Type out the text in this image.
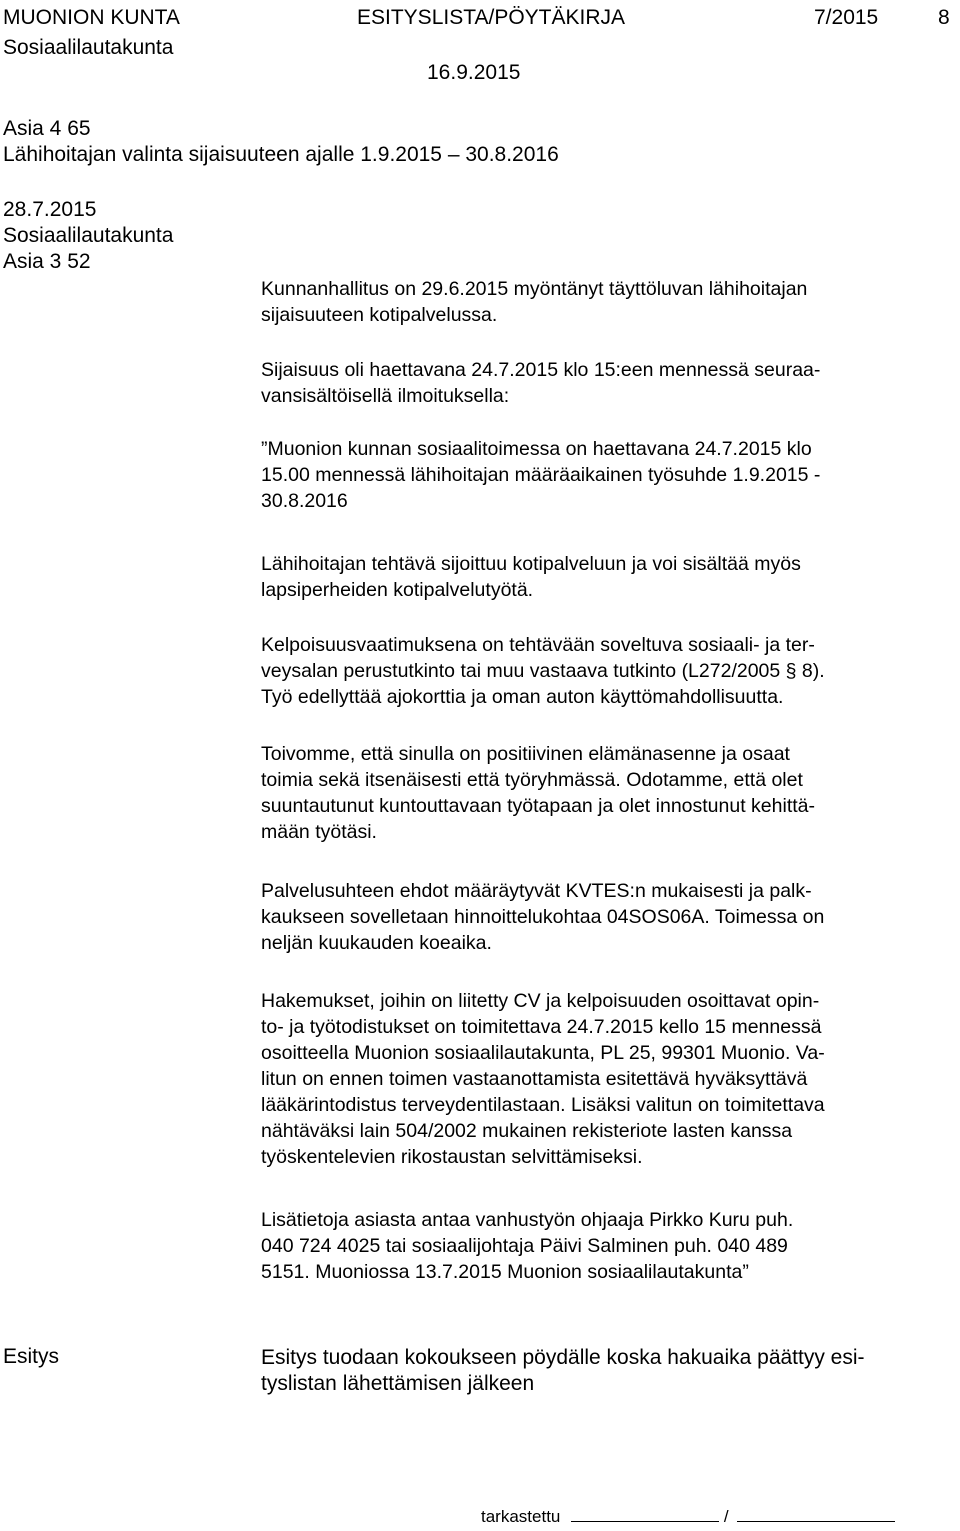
MUONION KUNTA	ESITYSLISTA/PÖYTÄKIRJA	7/2015	8
Sosiaalilautakunta
16.9.2015
Asia 4 65
Lähihoitajan valinta sijaisuuteen ajalle 1.9.2015 – 30.8.2016
28.7.2015
Sosiaalilautakunta
Asia 3 52
Kunnanhallitus on 29.6.2015 myöntänyt täyttöluvan lähihoitajan
sijaisuuteen kotipalvelussa.
Sijaisuus oli haettavana 24.7.2015 klo 15:een mennessä seuraa-
vansisältöisellä ilmoituksella:
”Muonion kunnan sosiaalitoimessa on haettavana 24.7.2015 klo
15.00 mennessä lähihoitajan määräaikainen työsuhde 1.9.2015 -
30.8.2016
Lähihoitajan tehtävä sijoittuu kotipalveluun ja voi sisältää myös
lapsiperheiden kotipalvelutyötä.
Kelpoisuusvaatimuksena on tehtävään soveltuva sosiaali- ja ter-
veysalan perustutkinto tai muu vastaava tutkinto (L272/2005 § 8).
Työ edellyttää ajokorttia ja oman auton käyttömahdollisuutta.
Toivomme, että sinulla on positiivinen elämänasenne ja osaat
toimia sekä itsenäisesti että työryhmässä. Odotamme, että olet
suuntautunut kuntouttavaan työtapaan ja olet innostunut kehittä-
mään työtäsi.
Palvelusuhteen ehdot määräytyvät KVTES:n mukaisesti ja palk-
kaukseen sovelletaan hinnoittelukohtaa 04SOS06A. Toimessa on
neljän kuukauden koeaika.
Hakemukset, joihin on liitetty CV ja kelpoisuuden osoittavat opin-
to- ja työtodistukset on toimitettava 24.7.2015 kello 15 mennessä
osoitteella Muonion sosiaalilautakunta, PL 25, 99301 Muonio. Va-
litun on ennen toimen vastaanottamista esitettävä hyväksyttävä
lääkärintodistus terveydentilastaan. Lisäksi valitun on toimitettava
nähtäväksi lain 504/2002 mukainen rekisteriote lasten kanssa
työskentelevien rikostaustan selvittämiseksi.
Lisätietoja asiasta antaa vanhustyön ohjaaja Pirkko Kuru puh.
040 724 4025 tai sosiaalijohtaja Päivi Salminen puh. 040 489
5151. Muoniossa 13.7.2015 Muonion sosiaalilautakunta”
Esitys	Esitys tuodaan kokoukseen pöydälle koska hakuaika päättyy esi-
tyslistan lähettämisen jälkeen
tarkastettu	/
